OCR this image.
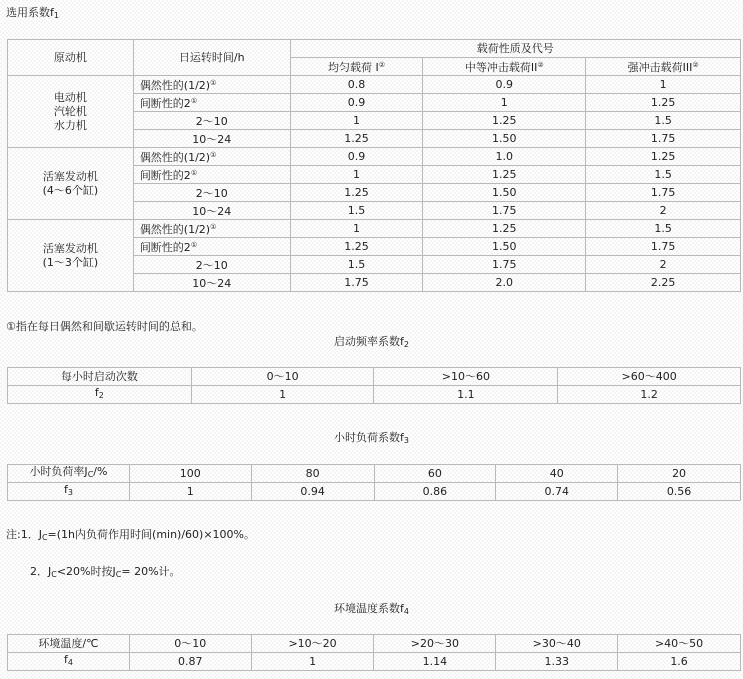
选用系数$f_1$
原动机	日运转时间/h	载荷性质及代号		
		均匀载荷 I②	中等冲击载荷II②	强冲击载荷III②

电动机
汽轮机
水力机	偶然性的(1/2)①	0.8	0.9	1
	间断性的2①	0.9	1	1.25
	2～10	1	1.25	1.5
	10～24	1.25	1.50	1.75

活塞发动机
(4～6个缸)	偶然性的(1/2)①	0.9	1.0	1.25
	间断性的2①	1	1.25	1.5
	2～10	1.25	1.50	1.75
	10～24	1.5	1.75	2

活塞发动机
(1～3个缸)	偶然性的(1/2)①	1	1.25	1.5
	间断性的2①	1.25	1.50	1.75
	2～10	1.5	1.75	2
	10～24	1.75	2.0	2.25
①指在每日偶然和间歇运转时间的总和。
启动频率系数$f_2$
每小时启动次数	0～10	>10～60	>60～400
$f_2$	1	1.1	1.2
小时负荷系数$f_3$
小时负荷率$J_C/\%$	100	80	60	40	20
$f_3$	1	0.94	0.86	0.74	0.56
注:1．$J_C=(1h$内负荷作用时间(min)/60)×100%。
2．$J_C<20\%$时按$J_C= 20\%$计。
环境温度系数$f_4$
环境温度/℃	0～10	>10～20	>20～30	>30～40	>40～50
$f_4$	0.87	1	1.14	1.33	1.6
